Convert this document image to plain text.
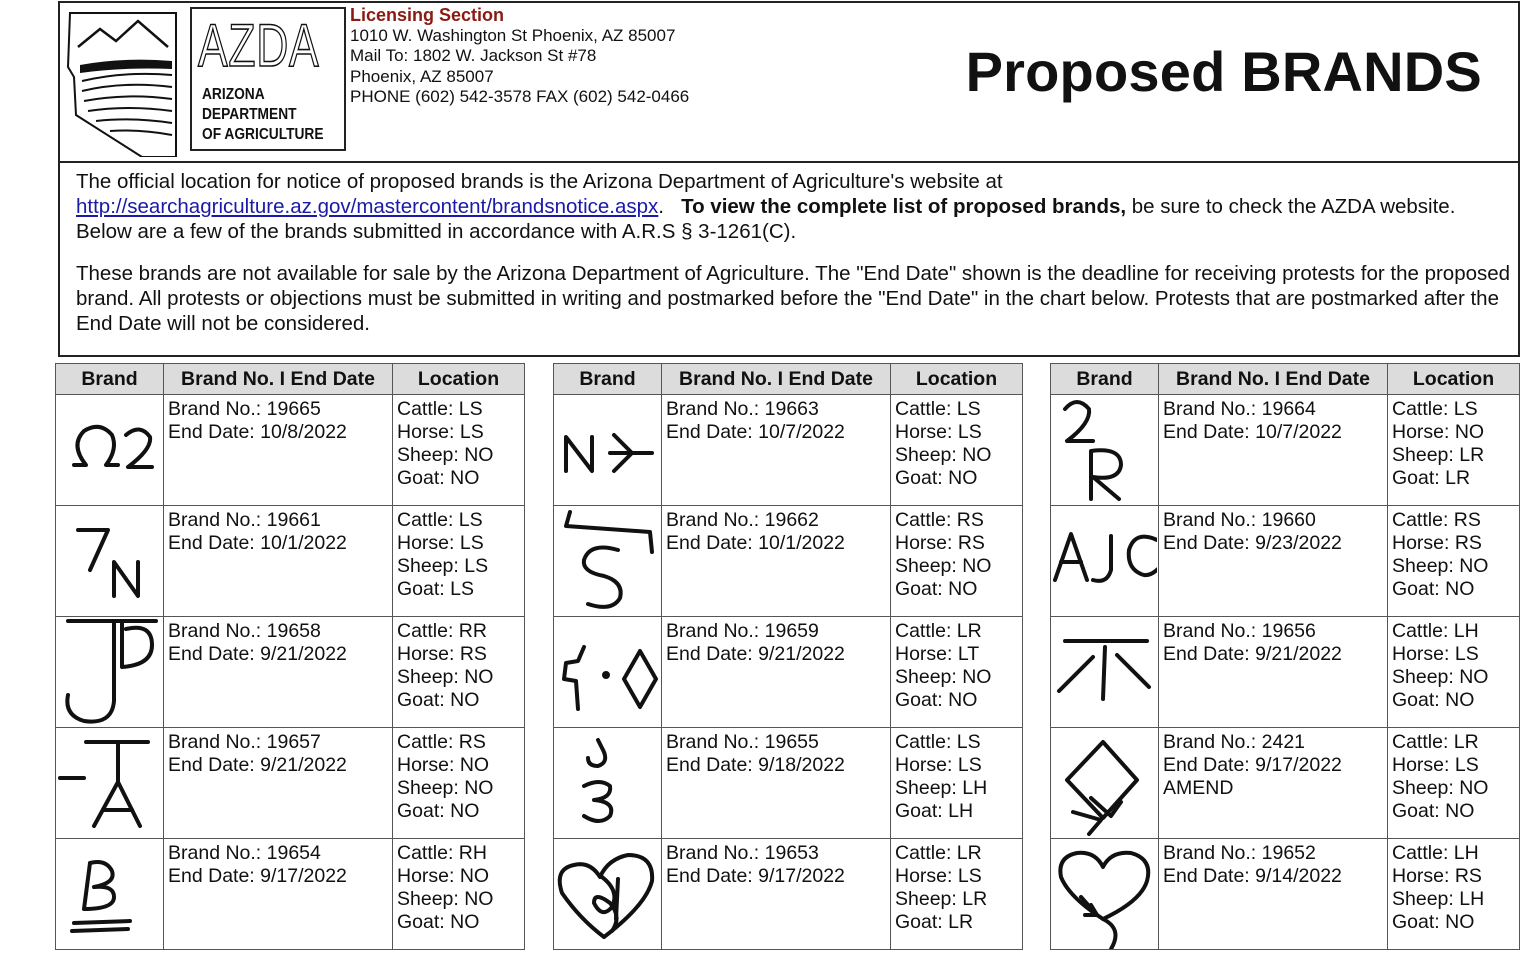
AZDA
ARIZONA
DEPARTMENT
OF AGRICULTURE
Licensing Section
1010 W. Washington St Phoenix, AZ 85007
Mail To: 1802 W. Jackson St #78
Phoenix, AZ 85007
PHONE (602) 542-3578 FAX (602) 542-0466	Proposed BRANDS
The official location for notice of proposed brands is the Arizona Department of Agriculture's website at
http://searchagriculture.az.gov/mastercontent/brandsnotice.aspx.   To view the complete list of proposed brands, be sure to check the AZDA website. Below are a few of the brands submitted in accordance with A.R.S § 3-1261(C).
These brands are not available for sale by the Arizona Department of Agriculture. The "End Date" shown is the deadline for receiving protests for the proposed brand. All protests or objections must be submitted in writing and postmarked before the "End Date" in the chart below. Protests that are postmarked after the End Date will not be considered.
Brand	Brand No. I End Date	Location

Brand No.: 19665
End Date: 10/8/2022	Cattle: LS
Horse: LS
Sheep: NO
Goat: NO

Brand No.: 19661
End Date: 10/1/2022	Cattle: LS
Horse: LS
Sheep: LS
Goat: LS

Brand No.: 19658
End Date: 9/21/2022	Cattle: RR
Horse: RS
Sheep: NO
Goat: NO

Brand No.: 19657
End Date: 9/21/2022	Cattle: RS
Horse: NO
Sheep: NO
Goat: NO

Brand No.: 19654
End Date: 9/17/2022	Cattle: RH
Horse: NO
Sheep: NO
Goat: NO
Brand	Brand No. I End Date	Location

Brand No.: 19663
End Date: 10/7/2022	Cattle: LS
Horse: LS
Sheep: NO
Goat: NO

Brand No.: 19662
End Date: 10/1/2022	Cattle: RS
Horse: RS
Sheep: NO
Goat: NO

Brand No.: 19659
End Date: 9/21/2022	Cattle: LR
Horse: LT
Sheep: NO
Goat: NO

Brand No.: 19655
End Date: 9/18/2022	Cattle: LS
Horse: LS
Sheep: LH
Goat: LH

Brand No.: 19653
End Date: 9/17/2022	Cattle: LR
Horse: LS
Sheep: LR
Goat: LR
Brand	Brand No. I End Date	Location

Brand No.: 19664
End Date: 10/7/2022	Cattle: LS
Horse: NO
Sheep: LR
Goat: LR

Brand No.: 19660
End Date: 9/23/2022	Cattle: RS
Horse: RS
Sheep: NO
Goat: NO

Brand No.: 19656
End Date: 9/21/2022	Cattle: LH
Horse: LS
Sheep: NO
Goat: NO

Brand No.: 2421
End Date: 9/17/2022
AMEND	Cattle: LR
Horse: LS
Sheep: NO
Goat: NO

Brand No.: 19652
End Date: 9/14/2022	Cattle: LH
Horse: RS
Sheep: LH
Goat: NO
